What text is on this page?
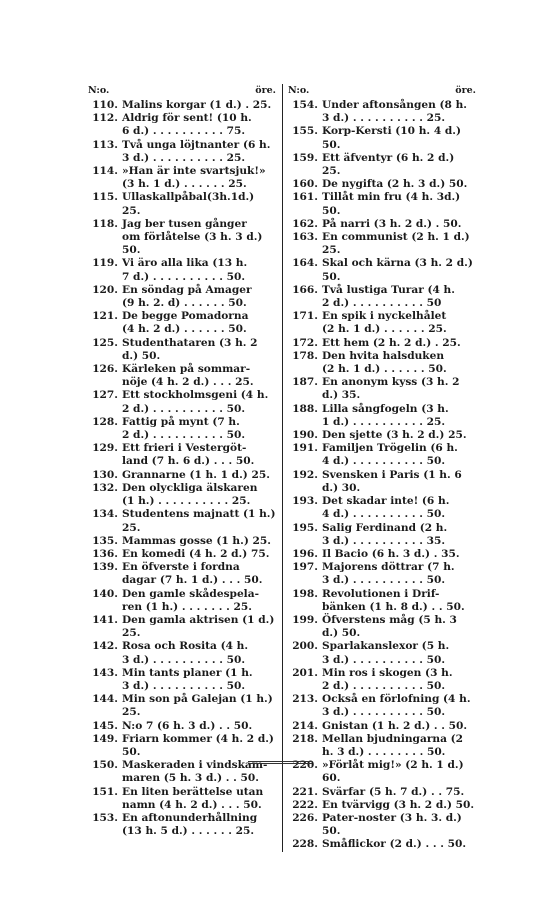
N:o.	öre.
110. Malins korgar (1 d.) . 25.
112. Aldrig för sent! (10 h.
6 d.) . . . . . . . . . . 75.
113. Två unga löjtnanter (6 h.
3 d.) . . . . . . . . . . 25.
114. »Han är inte svartsjuk!»
(3 h. 1 d.) . . . . . . 25.
115. Ullaskallpåbal(3h.1d.) 25.
118. Jag ber tusen gånger
om förlåtelse (3 h. 3 d.) 50.
119. Vi äro alla lika (13 h.
7 d.) . . . . . . . . . . 50.
120. En söndag på Amager
(9 h. 2. d) . . . . . . 50.
121. De begge Pomadorna
(4 h. 2 d.) . . . . . . 50.
125. Studenthataren (3 h. 2 d.) 50.
126. Kärleken på sommar-
nöje (4 h. 2 d.) . . . 25.
127. Ett stockholmsgeni (4 h.
2 d.) . . . . . . . . . . 50.
128. Fattig på mynt (7 h.
2 d.) . . . . . . . . . . 50.
129. Ett frieri i Vestergöt-
land (7 h. 6 d.) . . . 50.
130. Grannarne (1 h. 1 d.) 25.
132. Den olyckliga älskaren
(1 h.) . . . . . . . . . . 25.
134. Studentens majnatt (1 h.) 25.
135. Mammas gosse (1 h.) 25.
136. En komedi (4 h. 2 d.) 75.
139. En öfverste i fordna
dagar (7 h. 1 d.) . . . 50.
140. Den gamle skådespela-
ren (1 h.) . . . . . . . 25.
141. Den gamla aktrisen (1 d.) 25.
142. Rosa och Rosita (4 h.
3 d.) . . . . . . . . . . 50.
143. Min tants planer (1 h.
3 d.) . . . . . . . . . . 50.
144. Min son på Galejan (1 h.) 25.
145. N:o 7 (6 h. 3 d.) . . 50.
149. Friarn kommer (4 h. 2 d.) 50.
150. Maskeraden i vindskam-
maren (5 h. 3 d.) . . 50.
151. En liten berättelse utan
namn (4 h. 2 d.) . . . 50.
153. En aftonunderhållning
(13 h. 5 d.) . . . . . . 25.
N:o.	öre.
154. Under aftonsången (8 h.
3 d.) . . . . . . . . . . 25.
155. Korp-Kersti (10 h. 4 d.) 50.
159. Ett äfventyr (6 h. 2 d.) 25.
160. De nygifta (2 h. 3 d.) 50.
161. Tillåt min fru (4 h. 3d.) 50.
162. På narri (3 h. 2 d.) . 50.
163. En communist (2 h. 1 d.) 25.
164. Skal och kärna (3 h. 2 d.) 50.
166. Två lustiga Turar (4 h.
2 d.) . . . . . . . . . . 50
171. En spik i nyckelhålet
(2 h. 1 d.) . . . . . . 25.
172. Ett hem (2 h. 2 d.) . 25.
178. Den hvita halsduken
(2 h. 1 d.) . . . . . . 50.
187. En anonym kyss (3 h. 2 d.) 35.
188. Lilla sångfogeln (3 h.
1 d.) . . . . . . . . . . 25.
190. Den sjette (3 h. 2 d.) 25.
191. Familjen Trögelin (6 h.
4 d.) . . . . . . . . . . 50.
192. Svensken i Paris (1 h. 6 d.) 30.
193. Det skadar inte! (6 h.
4 d.) . . . . . . . . . . 50.
195. Salig Ferdinand (2 h.
3 d.) . . . . . . . . . . 35.
196. Il Bacio (6 h. 3 d.) . 35.
197. Majorens döttrar (7 h.
3 d.) . . . . . . . . . . 50.
198. Revolutionen i Drif-
bänken (1 h. 8 d.) . . 50.
199. Öfverstens måg (5 h. 3 d.) 50.
200. Sparlakanslexor (5 h.
3 d.) . . . . . . . . . . 50.
201. Min ros i skogen (3 h.
2 d.) . . . . . . . . . . 50.
213. Också en förlofning (4 h.
3 d.) . . . . . . . . . . 50.
214. Gnistan (1 h. 2 d.) . . 50.
218. Mellan bjudningarna (2
h. 3 d.) . . . . . . . . 50.
220. »Förlåt mig!» (2 h. 1 d.) 60.
221. Svärfar (5 h. 7 d.) . . 75.
222. En tvärvigg (3 h. 2 d.) 50.
226. Pater-noster (3 h. 3. d.) 50.
228. Småflickor (2 d.) . . . 50.
